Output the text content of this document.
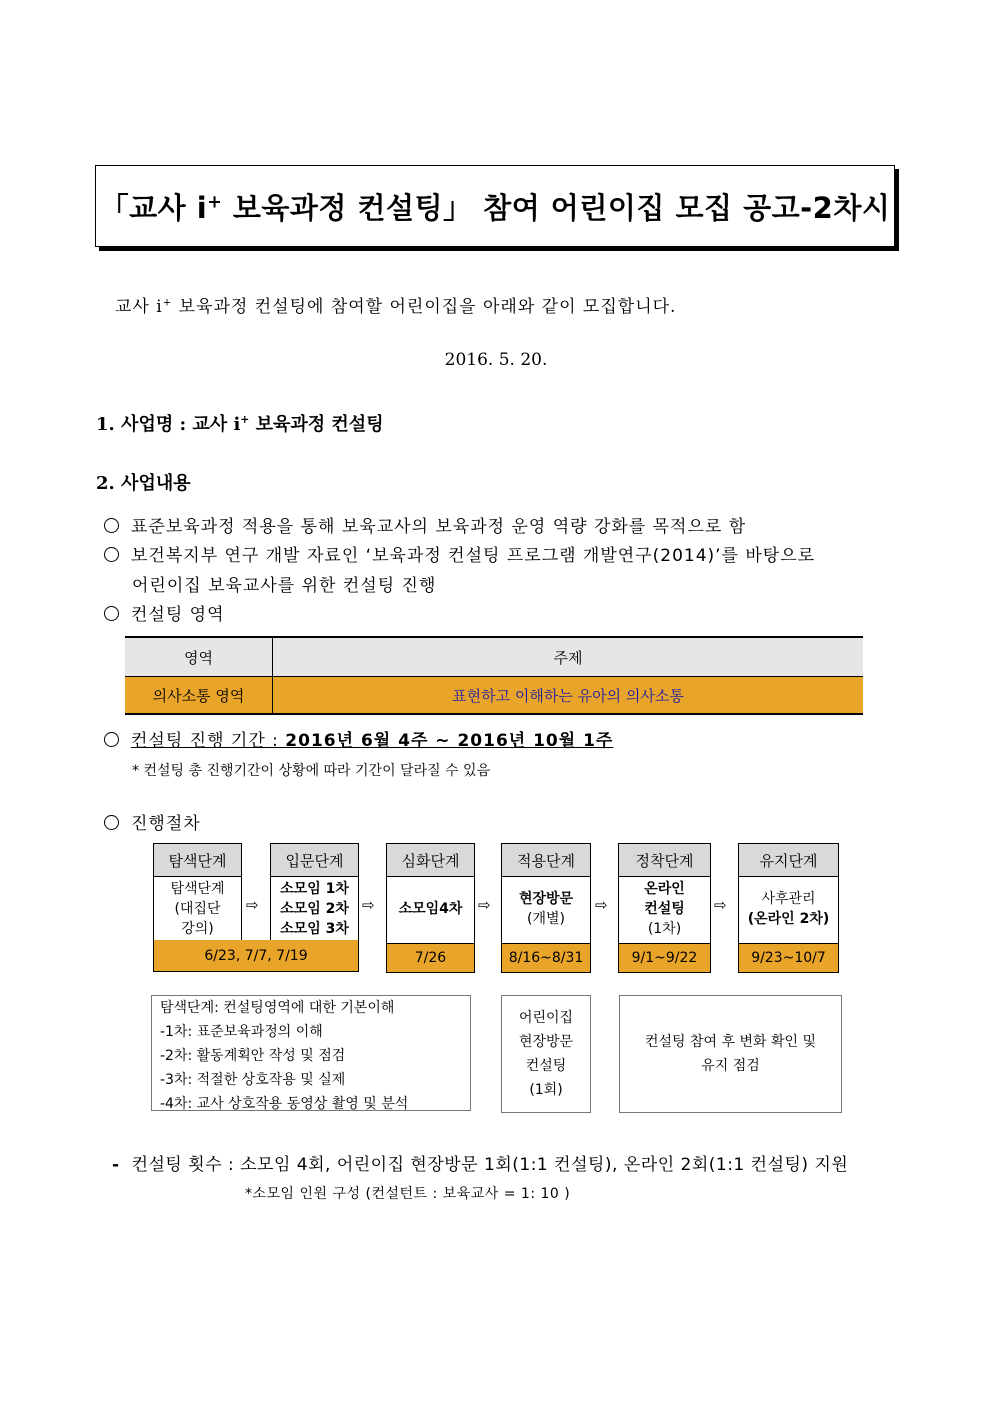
「교사 i+ 보육과정 컨설팅」 참여 어린이집 모집 공고-2차시
교사 i+ 보육과정 컨설팅에 참여할 어린이집을 아래와 같이 모집합니다.
2016. 5. 20.
1. 사업명 : 교사 i+ 보육과정 컨설팅
2. 사업내용
표준보육과정 적용을 통해 보육교사의 보육과정 운영 역량 강화를 목적으로 함
보건복지부 연구 개발 자료인 ‘보육과정 컨설팅 프로그램 개발연구(2014)’를 바탕으로
어린이집 보육교사를 위한 컨설팅 진행
컨설팅 영역
영역	주제
의사소통 영역	표현하고 이해하는 유아의 의사소통
컨설팅 진행 기간 : 2016년 6월 4주 ~ 2016년 10월 1주
* 컨설팅 총 진행기간이 상황에 따라 기간이 달라질 수 있음
진행절차
탐색단계
탐색단계
(대집단
강의)
입문단계
소모임 1차
소모임 2차
소모임 3차
6/23, 7/7, 7/19
심화단계
소모임4차
7/26
적용단계
현장방문
(개별)
8/16~8/31
정착단계
온라인
컨설팅
(1차)
9/1~9/22
유지단계
사후관리
(온라인 2차)
9/23~10/7
⇨	⇨	⇨	⇨	⇨
탐색단계: 컨설팅영역에 대한 기본이해
-1차: 표준보육과정의 이해
-2차: 활동계획안 작성 및 점검
-3차: 적절한 상호작용 및 실제
-4차: 교사 상호작용 동영상 촬영 및 분석
어린이집
현장방문
컨설팅
(1회)
컨설팅 참여 후 변화 확인 및
유지 점검
- 컨설팅 횟수 : 소모임 4회, 어린이집 현장방문 1회(1:1 컨설팅), 온라인 2회(1:1 컨설팅) 지원
*소모임 인원 구성 (컨설턴트 : 보육교사 = 1: 10 )
